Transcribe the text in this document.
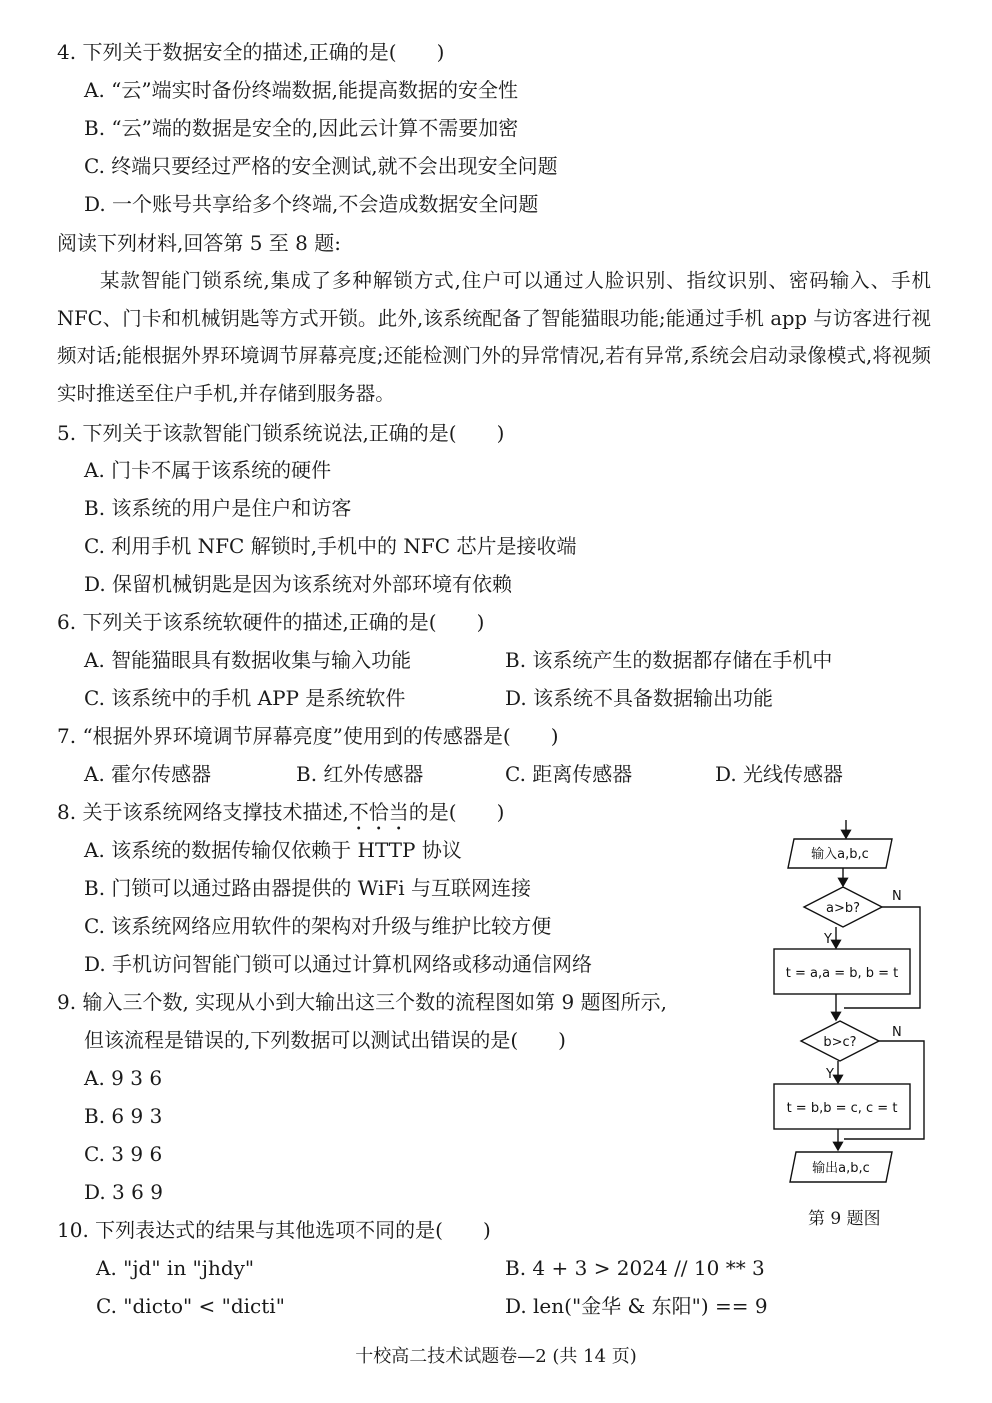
4. 下列关于数据安全的描述,正确的是(　　)
A. “云”端实时备份终端数据,能提高数据的安全性
B. “云”端的数据是安全的,因此云计算不需要加密
C. 终端只要经过严格的安全测试,就不会出现安全问题
D. 一个账号共享给多个终端,不会造成数据安全问题
阅读下列材料,回答第 5 至 8 题:
某款智能门锁系统,集成了多种解锁方式,住户可以通过人脸识别、指纹识别、密码输入、手机 NFC、门卡和机械钥匙等方式开锁。此外,该系统配备了智能猫眼功能;能通过手机 app 与访客进行视频对话;能根据外界环境调节屏幕亮度;还能检测门外的异常情况,若有异常,系统会启动录像模式,将视频实时推送至住户手机,并存储到服务器。
5. 下列关于该款智能门锁系统说法,正确的是(　　)
A. 门卡不属于该系统的硬件
B. 该系统的用户是住户和访客
C. 利用手机 NFC 解锁时,手机中的 NFC 芯片是接收端
D. 保留机械钥匙是因为该系统对外部环境有依赖
6. 下列关于该系统软硬件的描述,正确的是(　　)
A. 智能猫眼具有数据收集与输入功能	B. 该系统产生的数据都存储在手机中
C. 该系统中的手机 APP 是系统软件	D. 该系统不具备数据输出功能
7. “根据外界环境调节屏幕亮度”使用到的传感器是(　　)
A. 霍尔传感器	B. 红外传感器	C. 距离传感器	D. 光线传感器
8. 关于该系统网络支撑技术描述,不恰当的是(　　)
A. 该系统的数据传输仅依赖于 HTTP 协议
B. 门锁可以通过路由器提供的 WiFi 与互联网连接
C. 该系统网络应用软件的架构对升级与维护比较方便
D. 手机访问智能门锁可以通过计算机网络或移动通信网络
9. 输入三个数, 实现从小到大输出这三个数的流程图如第 9 题图所示,
但该流程是错误的,下列数据可以测试出错误的是(　　)
A. 9 3 6
B. 6 9 3
C. 3 9 6
D. 3 6 9
输入a,b,c
a>b?
Y
N
t = a,a = b, b = t
b>c?
Y
N
t = b,b = c, c = t
输出a,b,c
第 9 题图
10. 下列表达式的结果与其他选项不同的是(　　)
A. "jd" in "jhdy"	B. 4 + 3 > 2024 // 10 ** 3
C. "dicto" < "dicti"	D. len("金华 & 东阳") == 9
十校高二技术试题卷—2 (共 14 页)
